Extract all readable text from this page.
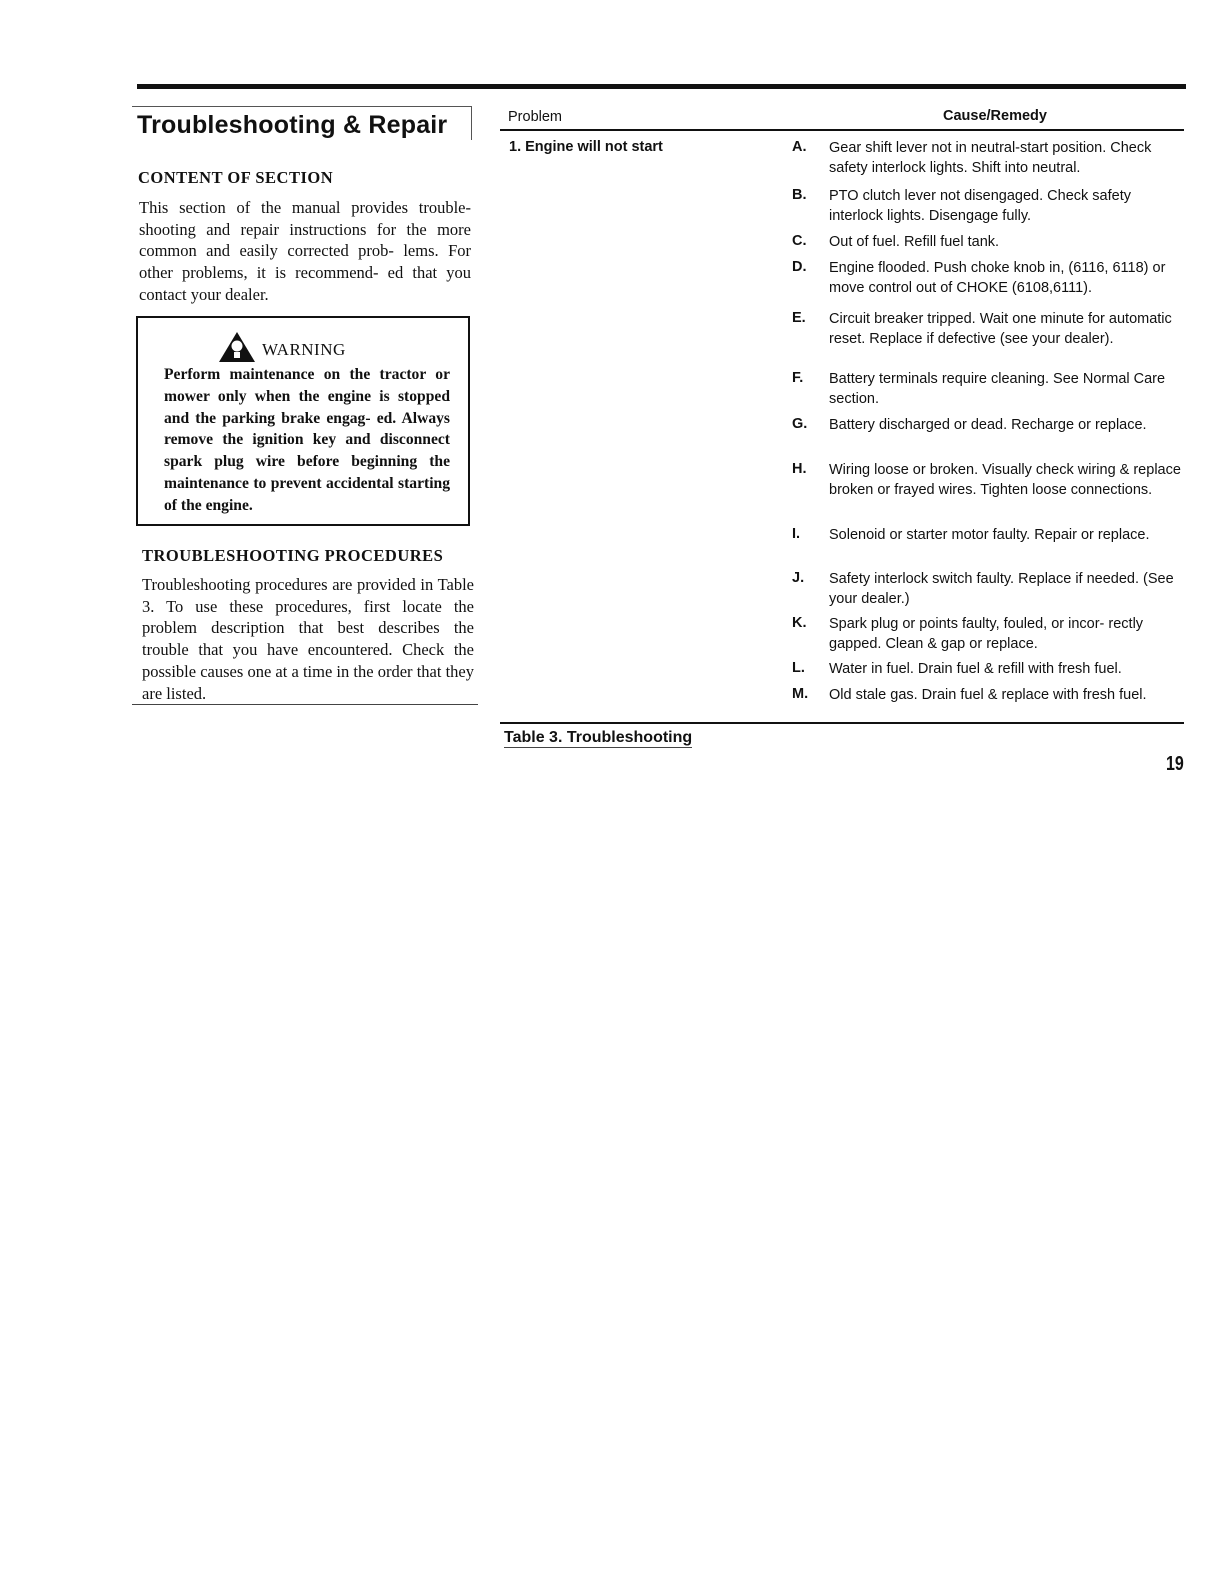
Troubleshooting & Repair
CONTENT OF SECTION

This section of the manual provides trouble- shooting and repair instructions for the more common and easily corrected prob- lems. For other problems, it is recommend- ed that you contact your dealer.

WARNING

Perform maintenance on the tractor or mower only when the engine is stopped and the parking brake engag- ed. Always remove the ignition key and disconnect spark plug wire before beginning the maintenance to prevent accidental starting of the engine.

TROUBLESHOOTING PROCEDURES

Troubleshooting procedures are provided in Table 3. To use these procedures, first locate the problem description that best describes the trouble that you have encountered. Check the possible causes one at a time in the order that they are listed.

Problem	Cause/Remedy
1. Engine will not start	A. Gear shift lever not in neutral-start position. Check safety interlock lights. Shift into neutral.
B. PTO clutch lever not disengaged. Check safety interlock lights. Disengage fully.
C. Out of fuel. Refill fuel tank.
D. Engine flooded. Push choke knob in, (6116, 6118) or move control out of CHOKE (6108,6111).
E. Circuit breaker tripped. Wait one minute for automatic reset. Replace if defective (see your dealer).
F. Battery terminals require cleaning. See Normal Care section.
G. Battery discharged or dead. Recharge or replace.
H. Wiring loose or broken. Visually check wiring & replace broken or frayed wires. Tighten loose connections.
I. Solenoid or starter motor faulty. Repair or replace.
J. Safety interlock switch faulty. Replace if needed. (See your dealer.)
K. Spark plug or points faulty, fouled, or incor- rectly gapped. Clean & gap or replace.
L. Water in fuel. Drain fuel & refill with fresh fuel.
M. Old stale gas. Drain fuel & replace with fresh fuel.
Table 3. Troubleshooting
19
